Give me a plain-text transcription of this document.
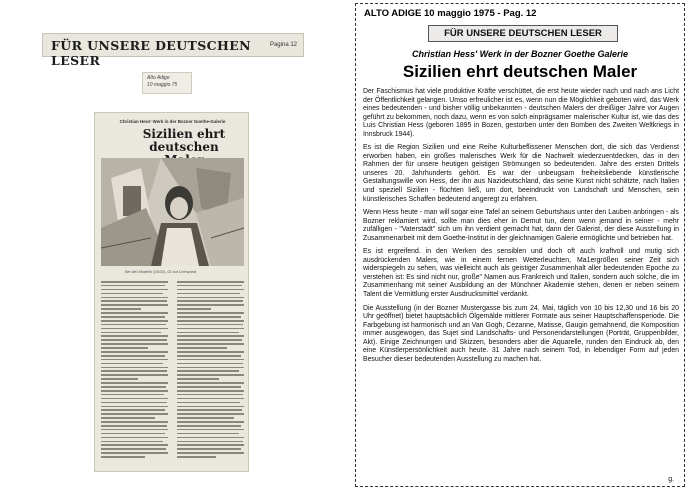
FÜR UNSERE DEUTSCHEN LESER
Pagina 12
Alto Adige
10 maggio 75
Christian Hess' Werk in der Bozner Goethe-Galerie
Sizilien ehrt
deutschen
Bei del Modello (1932), Öl auf Leinwand
ALTO ADIGE 10 maggio 1975 - Pag. 12
FÜR UNSERE DEUTSCHEN LESER
Christian Hess' Werk in der Bozner Goethe Galerie
Sizilien ehrt deutschen Maler

Der Faschismus hat viele produktive Kräfte verschüttet, die erst heute wieder nach und nach ans Licht der Öffentlichkeit gelangen. Umso erfreulicher ist es, wenn nun die Möglichkeit geboten wird, das Werk eines bedeutenden - und bisher völlig unbekannten - deutschen Malers der dreißiger Jahre vor Augen geführt zu bekommen, noch dazu, wenn es von solch einprägsamer malerischer Kultur ist, wie das des Luis Christian Hess (geboren 1895 in Bozen, gestorben unter den Bomben des Zweiten Weltkriegs in Innsbruck 1944).

Es ist die Region Sizilien und eine Reihe Kulturbeflissener Menschen dort, die sich das Verdienst erworben haben, ein großes malerisches Werk für die Nachwelt wiederzuentdecken, das in den Rahmen der für unsere heutigen geistigen Strömungen so bedeutenden. Jahre des ersten Drittels unseres 20. Jahrhunderts gehört. Es war der unbeugsam freiheitsliebende künstlerische Gestaltungswille von Hess, der ihn aus Nazideutschland, das seine Kunst nicht schätzte, nach Italien und speziell Sizilien - flüchten ließ, um dort, beeindruckt von Landschaft und Menschen, sein künstlerisches Schaffen bedeutend angeregt zu erfahren.

Wenn Hess heute - man will sogar eine Tafel an seinem Geburtshaus unter den Lauben anbringen - als Bozner reklamiert wird, sollte man dies eher in Demut tun, denn wenn jemand in seiner - mehr zufälligen - "Vaterstadt" sich um ihn verdient gemacht hat, dann der Galerist, der diese Ausstellung in Zusammenarbeit mit dem Goethe-Institut in der gleichnamigen Galerie ermöglichte und betrieben hat.

Es ist ergreifend. in den Werken des sensiblen und doch oft auch kraftvoll und mutig sich ausdrückenden Malers, wie in einem fernen Wetterleuchten, Ma1ergrößen seiner Zeit sich widerspiegeln zu sehen, was vielleicht auch als geistiger Zusammenhalt aller bedeutenden Epoche zu verstehen ist: Es sind nicht nur, große" Namen aus Frankreich und Italien, sondern auch solche, die im Zusammenhang mit seiner Ausbildung an der Münchner Akademie stehen, denen er neben seinem Talent die Vermittlung erster Ausdrucksmittel verdankt.

Die Ausstellung (in der Bozner Mustergasse bis zum 24. Mai, täglich von 10 bis 12,30 und 16 bis 20 Uhr geöffnet) bietet hauptsächlich Ölgemälde mittlerer Formate aus seiner Hauptschaffensperiode. Die Farbgebung ist harmonisch und an Van Gogh, Cezanne, Matisse, Gaugin gemahnend, die Komposition immer ausgewogen, das Sujet sind Landschafts- und Personendarstellungen (Porträt, Gruppenbilder, Akt). Einige Zeichnungen und Skizzen, besonders aber die Aquarelle, runden den Eindruck ab, den eine Künstlerpersönlichkeit auch heute. 31 Jahre nach seinem Tod, in lebendiger Form auf jeden Besucher dieser bedeutenden Ausstellung zu machen hat.

g.
